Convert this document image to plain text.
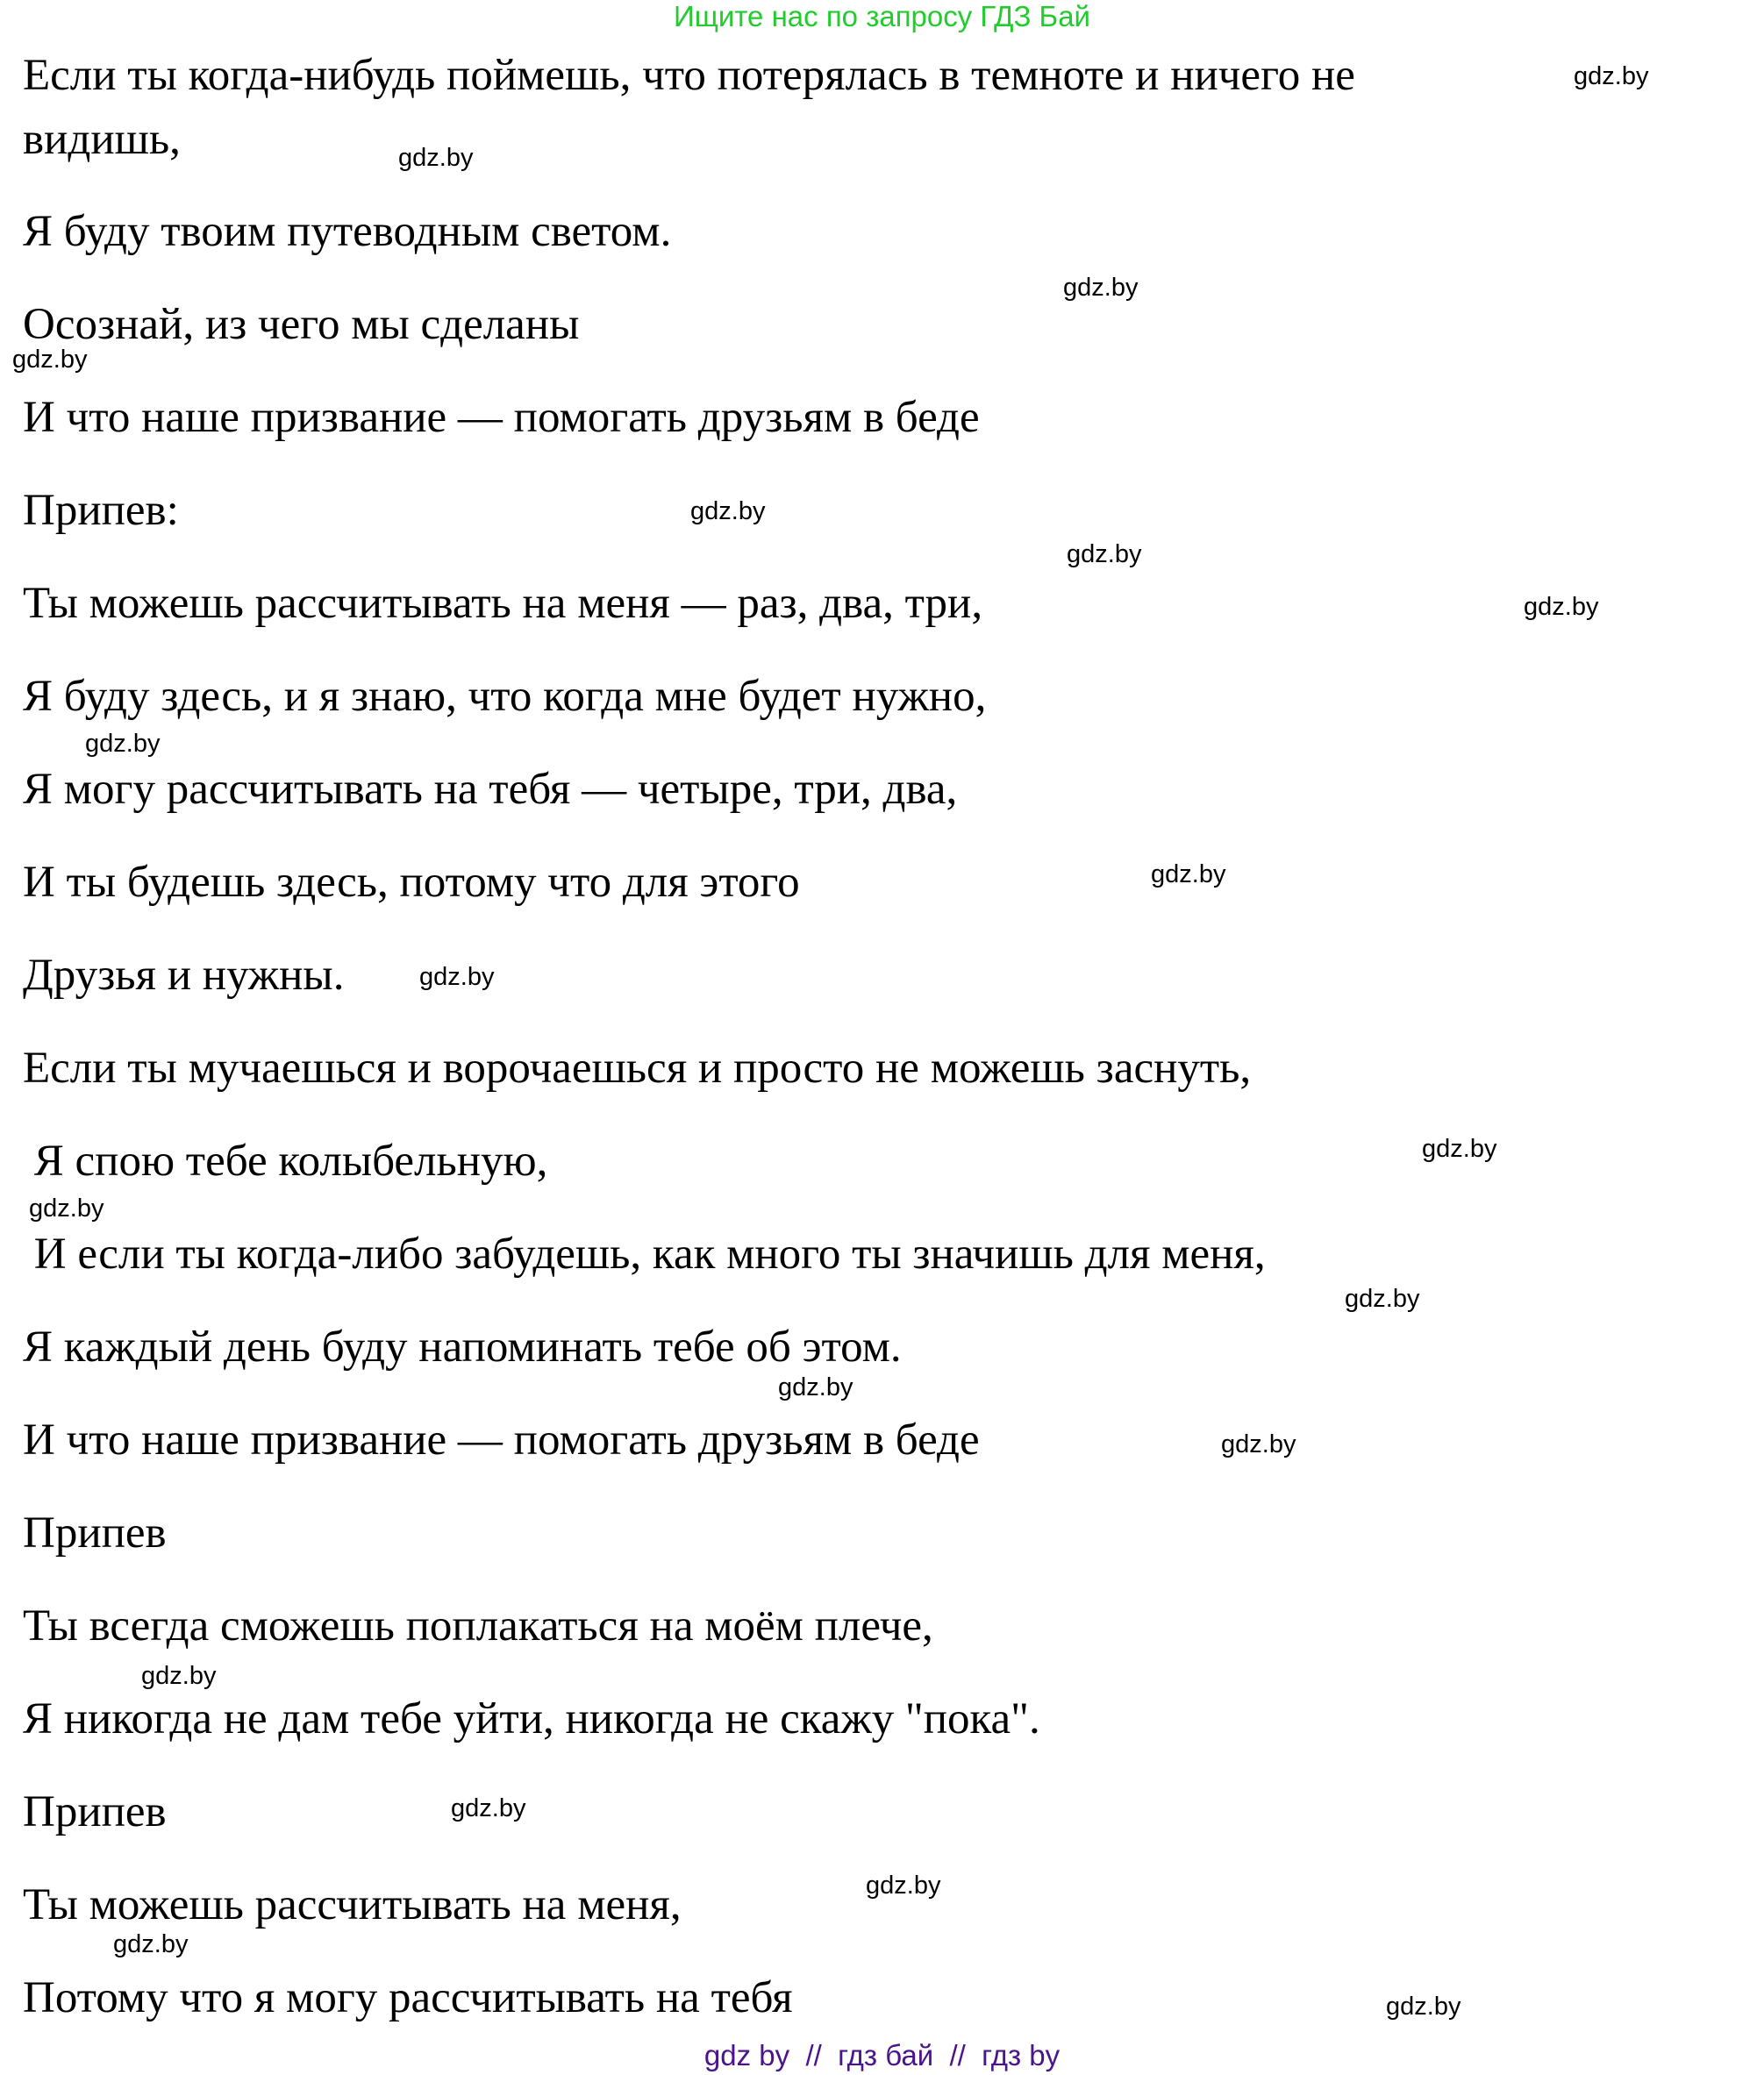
Ищите нас по запросу ГДЗ Бай
Если ты когда-нибудь поймешь, что потерялась в темноте и ничего не
видишь,
Я буду твоим путеводным светом.
Осознай, из чего мы сделаны
И что наше призвание — помогать друзьям в беде
Припев:
Ты можешь рассчитывать на меня — раз, два, три,
Я буду здесь, и я знаю, что когда мне будет нужно,
Я могу рассчитывать на тебя — четыре, три, два,
И ты будешь здесь, потому что для этого
Друзья и нужны.
Если ты мучаешься и ворочаешься и просто не можешь заснуть,
Я спою тебе колыбельную,
И если ты когда-либо забудешь, как много ты значишь для меня,
Я каждый день буду напоминать тебе об этом.
И что наше призвание — помогать друзьям в беде
Припев
Ты всегда сможешь поплакаться на моём плече,
Я никогда не дам тебе уйти, никогда не скажу "пока".
Припев
Ты можешь рассчитывать на меня,
Потому что я могу рассчитывать на тебя
gdz.by
gdz.by
gdz.by
gdz.by
gdz.by
gdz.by
gdz.by
gdz.by
gdz.by
gdz.by
gdz.by
gdz.by
gdz.by
gdz.by
gdz.by
gdz.by
gdz.by
gdz.by
gdz.by
gdz.by
gdz by  //  гдз бай  //  гдз by
